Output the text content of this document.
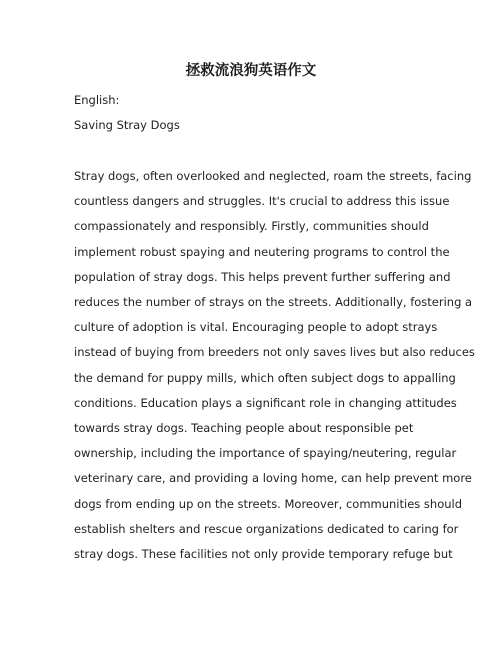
拯救流浪狗英语作文

English:

Saving Stray Dogs

Stray dogs, often overlooked and neglected, roam the streets, facing
countless dangers and struggles. It's crucial to address this issue
compassionately and responsibly. Firstly, communities should
implement robust spaying and neutering programs to control the
population of stray dogs. This helps prevent further suffering and
reduces the number of strays on the streets. Additionally, fostering a
culture of adoption is vital. Encouraging people to adopt strays
instead of buying from breeders not only saves lives but also reduces
the demand for puppy mills, which often subject dogs to appalling
conditions. Education plays a significant role in changing attitudes
towards stray dogs. Teaching people about responsible pet
ownership, including the importance of spaying/neutering, regular
veterinary care, and providing a loving home, can help prevent more
dogs from ending up on the streets. Moreover, communities should
establish shelters and rescue organizations dedicated to caring for
stray dogs. These facilities not only provide temporary refuge but
